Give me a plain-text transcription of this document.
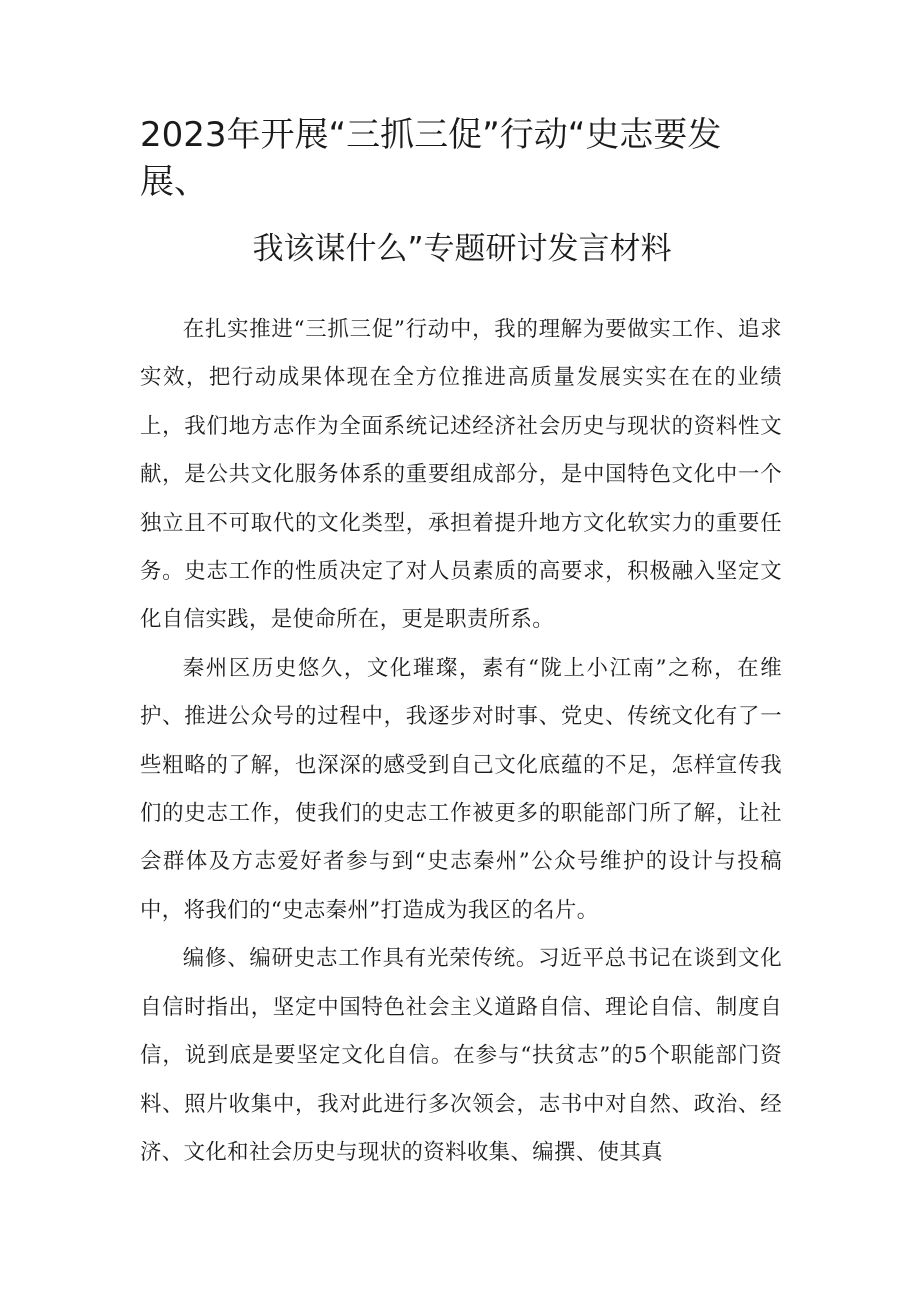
2023年开展“三抓三促”行动“史志要发展、
我该谋什么”专题研讨发言材料

在扎实推进“三抓三促”行动中，我的理解为要做实工作、追求实效，把行动成果体现在全方位推进高质量发展实实在在的业绩上，我们地方志作为全面系统记述经济社会历史与现状的资料性文献，是公共文化服务体系的重要组成部分，是中国特色文化中一个独立且不可取代的文化类型，承担着提升地方文化软实力的重要任务。史志工作的性质决定了对人员素质的高要求，积极融入坚定文化自信实践，是使命所在，更是职责所系。

秦州区历史悠久，文化璀璨，素有“陇上小江南”之称，在维护、推进公众号的过程中，我逐步对时事、党史、传统文化有了一些粗略的了解，也深深的感受到自己文化底蕴的不足，怎样宣传我们的史志工作，使我们的史志工作被更多的职能部门所了解，让社会群体及方志爱好者参与到“史志秦州”公众号维护的设计与投稿中，将我们的“史志秦州”打造成为我区的名片。

编修、编研史志工作具有光荣传统。习近平总书记在谈到文化自信时指出，坚定中国特色社会主义道路自信、理论自信、制度自信，说到底是要坚定文化自信。在参与“扶贫志”的5个职能部门资料、照片收集中，我对此进行多次领会，志书中对自然、政治、经济、文化和社会历史与现状的资料收集、编撰、使其真
